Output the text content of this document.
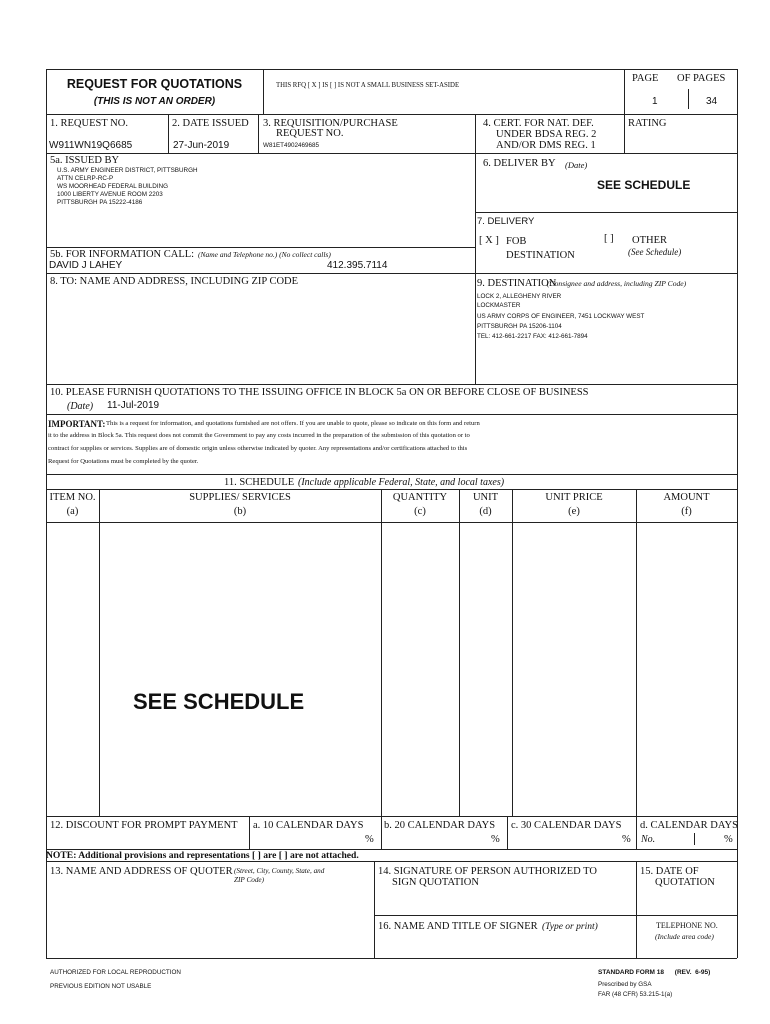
REQUEST FOR QUOTATIONS
(THIS IS NOT AN ORDER)
THIS RFQ [ X ] IS [ ] IS NOT A SMALL BUSINESS SET-ASIDE
PAGE OF PAGES
1	34
1. REQUEST NO.
W911WN19Q6685
2. DATE ISSUED
27-Jun-2019
3. REQUISITION/PURCHASE
REQUEST NO.
W81ET4902469685
4. CERT. FOR NAT. DEF.
UNDER BDSA REG. 2
AND/OR DMS REG. 1
RATING
5a. ISSUED BY
U.S. ARMY ENGINEER DISTRICT, PITTSBURGH
ATTN CELRP-RC-P
WS MOORHEAD FEDERAL BUILDING
1000 LIBERTY AVENUE ROOM 2203
PITTSBURGH PA 15222-4186
5b. FOR INFORMATION CALL: (Name and Telephone no.) (No collect calls)
DAVID J LAHEY	412.395.7114
6. DELIVER BY (Date)
SEE SCHEDULE
7. DELIVERY
[ X ] FOB
DESTINATION
[ ] OTHER
(See Schedule)
8. TO: NAME AND ADDRESS, INCLUDING ZIP CODE	9. DESTINATION
(Consignee and address, including ZIP Code)
LOCK 2, ALLEGHENY RIVER
LOCKMASTER
US ARMY CORPS OF ENGINEER, 7451 LOCKWAY WEST
PITTSBURGH PA 15206-1104
TEL: 412-661-2217 FAX: 412-661-7894
10. PLEASE FURNISH QUOTATIONS TO THE ISSUING OFFICE IN BLOCK 5a ON OR BEFORE CLOSE OF BUSINESS
(Date) 11-Jul-2019
IMPORTANT: This is a request for information, and quotations furnished are not offers. If you are unable to quote, please so indicate on this form and return
it to the address in Block 5a. This request does not commit the Government to pay any costs incurred in the preparation of the submission of this quotation or to
contract for supplies or services. Supplies are of domestic origin unless otherwise indicated by quoter. Any representations and/or certifications attached to this
Request for Quotations must be completed by the quoter.
11. SCHEDULE (Include applicable Federal, State, and local taxes)
ITEM NO.
(a)
SUPPLIES/ SERVICES
(b)
QUANTITY
(c)
UNIT
(d)
UNIT PRICE
(e)
AMOUNT
(f)
SEE SCHEDULE
12. DISCOUNT FOR PROMPT PAYMENT a. 10 CALENDAR DAYS
%
b. 20 CALENDAR DAYS
%
c. 30 CALENDAR DAYS
%
d. CALENDAR DAYS
No.	%
NOTE: Additional provisions and representations [ ] are [ ] are not attached.
13. NAME AND ADDRESS OF QUOTER (Street, City, County, State, and
ZIP Code)
14. SIGNATURE OF PERSON AUTHORIZED TO
SIGN QUOTATION
15. DATE OF
QUOTATION
16. NAME AND TITLE OF SIGNER (Type or print)	TELEPHONE NO.
(Include area code)
AUTHORIZED FOR LOCAL REPRODUCTION
PREVIOUS EDITION NOT USABLE
STANDARD FORM 18      (REV.  6-95)
Prescribed by GSA
FAR (48 CFR) 53.215-1(a)
